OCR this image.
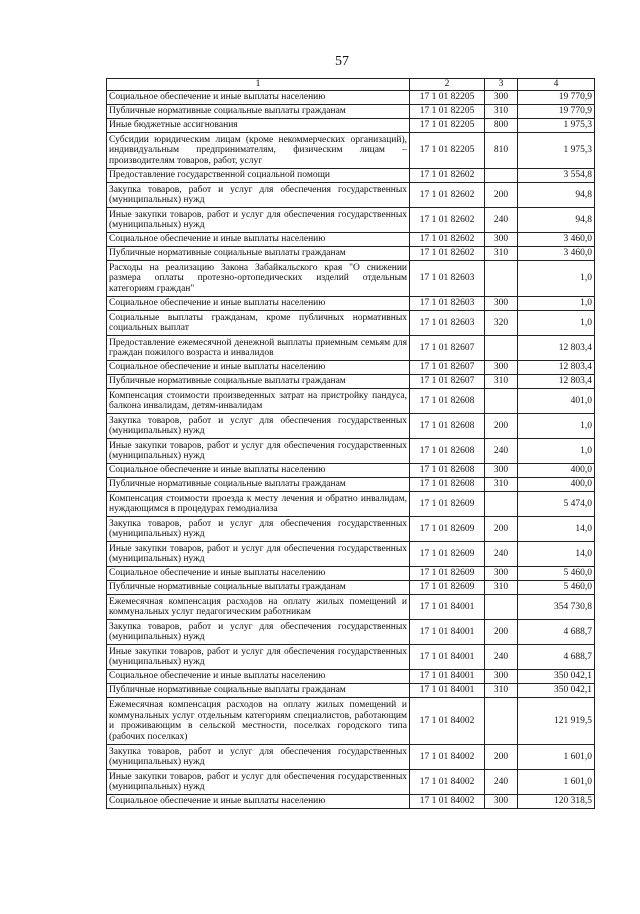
57
1	2	3	4
Социальное обеспечение и иные выплаты населению	17 1 01 82205	300	19 770,9
Публичные нормативные социальные выплаты гражданам	17 1 01 82205	310	19 770,9
Иные бюджетные ассигнования	17 1 01 82205	800	1 975,3
Субсидии юридическим лицам (кроме некоммерческих организаций), индивидуальным предпринимателям, физическим лицам – производителям товаров, работ, услуг	17 1 01 82205	810	1 975,3
Предоставление государственной социальной помощи	17 1 01 82602		3 554,8
Закупка товаров, работ и услуг для обеспечения государственных (муниципальных) нужд	17 1 01 82602	200	94,8
Иные закупки товаров, работ и услуг для обеспечения государственных (муниципальных) нужд	17 1 01 82602	240	94,8
Социальное обеспечение и иные выплаты населению	17 1 01 82602	300	3 460,0
Публичные нормативные социальные выплаты гражданам	17 1 01 82602	310	3 460,0
Расходы на реализацию Закона Забайкальского края "О снижении размера оплаты протезно-ортопедических изделий отдельным категориям граждан"	17 1 01 82603		1,0
Социальное обеспечение и иные выплаты населению	17 1 01 82603	300	1,0
Социальные выплаты гражданам, кроме публичных нормативных социальных выплат	17 1 01 82603	320	1,0
Предоставление ежемесячной денежной выплаты приемным семьям для граждан пожилого возраста и инвалидов	17 1 01 82607		12 803,4
Социальное обеспечение и иные выплаты населению	17 1 01 82607	300	12 803,4
Публичные нормативные социальные выплаты гражданам	17 1 01 82607	310	12 803,4
Компенсация стоимости произведенных затрат на пристройку пандуса, балкона инвалидам, детям-инвалидам	17 1 01 82608		401,0
Закупка товаров, работ и услуг для обеспечения государственных (муниципальных) нужд	17 1 01 82608	200	1,0
Иные закупки товаров, работ и услуг для обеспечения государственных (муниципальных) нужд	17 1 01 82608	240	1,0
Социальное обеспечение и иные выплаты населению	17 1 01 82608	300	400,0
Публичные нормативные социальные выплаты гражданам	17 1 01 82608	310	400,0
Компенсация стоимости проезда к месту лечения и обратно инвалидам, нуждающимся в процедурах гемодиализа	17 1 01 82609		5 474,0
Закупка товаров, работ и услуг для обеспечения государственных (муниципальных) нужд	17 1 01 82609	200	14,0
Иные закупки товаров, работ и услуг для обеспечения государственных (муниципальных) нужд	17 1 01 82609	240	14,0
Социальное обеспечение и иные выплаты населению	17 1 01 82609	300	5 460,0
Публичные нормативные социальные выплаты гражданам	17 1 01 82609	310	5 460,0
Ежемесячная компенсация расходов на оплату жилых помещений и коммунальных услуг педагогическим работникам	17 1 01 84001		354 730,8
Закупка товаров, работ и услуг для обеспечения государственных (муниципальных) нужд	17 1 01 84001	200	4 688,7
Иные закупки товаров, работ и услуг для обеспечения государственных (муниципальных) нужд	17 1 01 84001	240	4 688,7
Социальное обеспечение и иные выплаты населению	17 1 01 84001	300	350 042,1
Публичные нормативные социальные выплаты гражданам	17 1 01 84001	310	350 042,1
Ежемесячная компенсация расходов на оплату жилых помещений и коммунальных услуг отдельным категориям специалистов, работающим и проживающим в сельской местности, поселках городского типа (рабочих поселках)	17 1 01 84002		121 919,5
Закупка товаров, работ и услуг для обеспечения государственных (муниципальных) нужд	17 1 01 84002	200	1 601,0
Иные закупки товаров, работ и услуг для обеспечения государственных (муниципальных) нужд	17 1 01 84002	240	1 601,0
Социальное обеспечение и иные выплаты населению	17 1 01 84002	300	120 318,5
